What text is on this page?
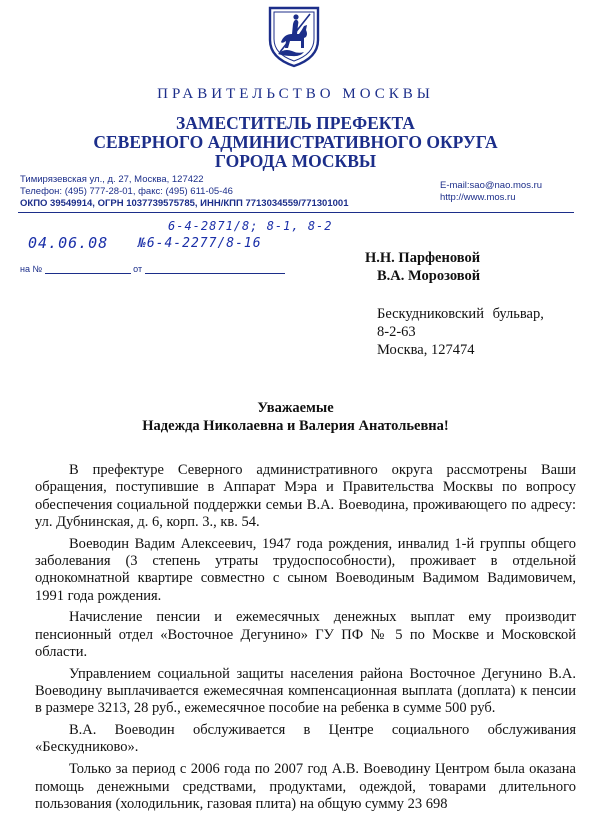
ПРАВИТЕЛЬСТВО МОСКВЫ
ЗАМЕСТИТЕЛЬ ПРЕФЕКТА
СЕВЕРНОГО АДМИНИСТРАТИВНОГО ОКРУГА
ГОРОДА МОСКВЫ
Тимирязевская ул., д. 27, Москва, 127422
Телефон: (495) 777-28-01, факс: (495) 611-05-46
ОКПО 39549914, ОГРН 1037739575785, ИНН/КПП 7713034559/771301001
E-mail:sao@nao.mos.ru
http://www.mos.ru
6-4-2871/8; 8-1, 8-2
04.06.08 №6-4-2277/8-16
на №	от
Н.Н. Парфеновой
В.А. Морозовой
Бескудниковский бульвар,
8-2-63
Москва, 127474
Уважаемые
Надежда Николаевна и Валерия Анатольевна!

В префектуре Северного административного округа рассмотрены Ваши обращения, поступившие в Аппарат Мэра и Правительства Москвы по вопросу обеспечения социальной поддержки семьи В.А. Воеводина, проживающего по адресу: ул. Дубнинская, д. 6, корп. 3., кв. 54.

Воеводин Вадим Алексеевич, 1947 года рождения, инвалид 1-й группы общего заболевания (3 степень утраты трудоспособности), проживает в отдельной однокомнатной квартире совместно с сыном Воеводиным Вадимом Вадимовичем, 1991 года рождения.

Начисление пенсии и ежемесячных денежных выплат ему производит пенсионный отдел «Восточное Дегунино» ГУ ПФ № 5 по Москве и Московской области.

Управлением социальной защиты населения района Восточное Дегунино В.А. Воеводину выплачивается ежемесячная компенсационная выплата (доплата) к пенсии в размере 3213, 28 руб., ежемесячное пособие на ребенка в сумме 500 руб.

В.А. Воеводин обслуживается в Центре социального обслуживания «Бескудниково».

Только за период с 2006 года по 2007 год А.В. Воеводину Центром была оказана помощь денежными средствами, продуктами, одеждой, товарами длительного пользования (холодильник, газовая плита) на общую сумму 23 698
